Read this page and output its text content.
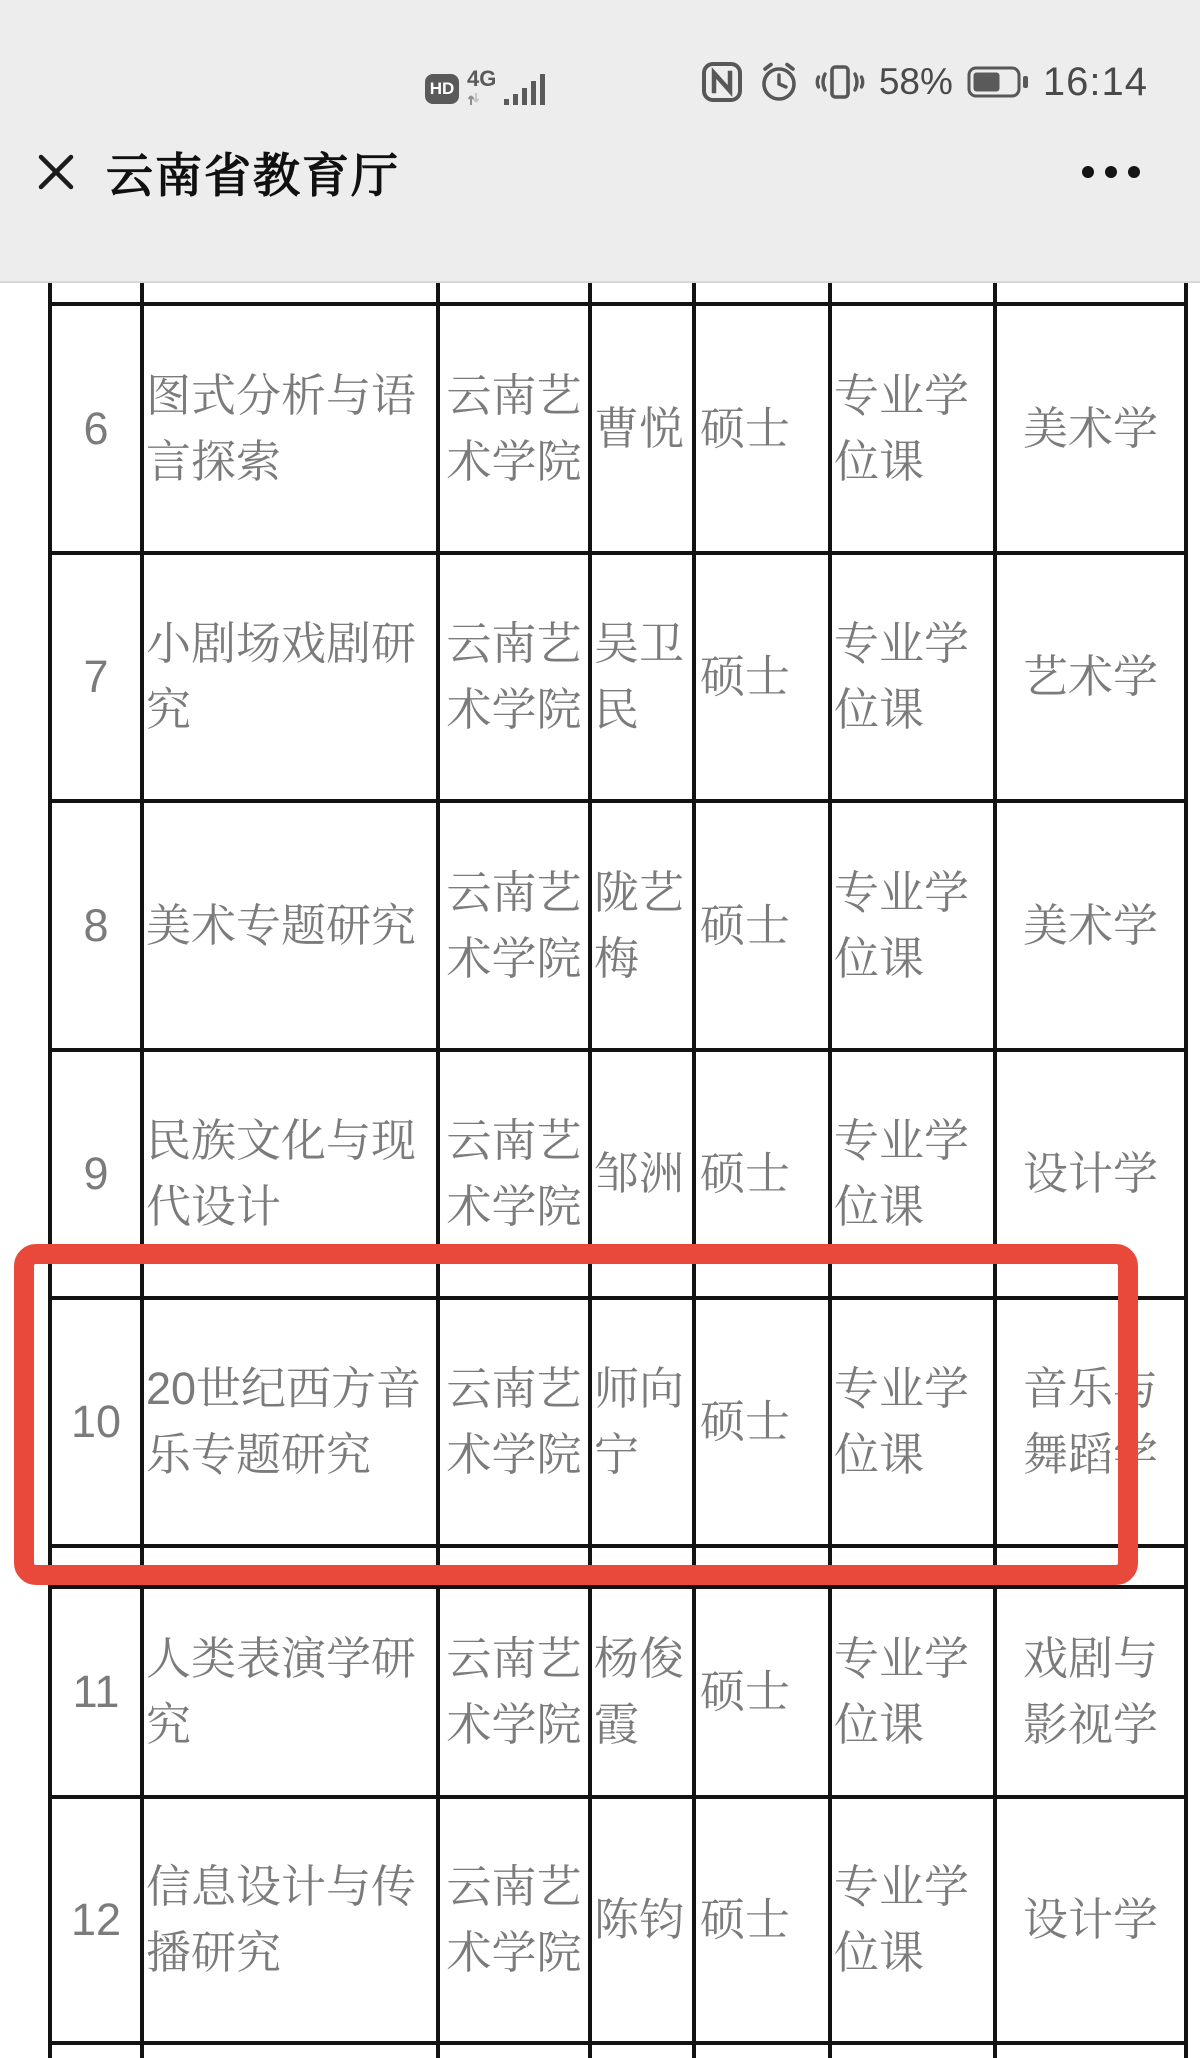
HD 4G	58% 16:14
云南省教育厅
6
图式分析与语言探索
云南艺术学院
曹悦 硕士
专业学位课
美术学
7
小剧场戏剧研究
云南艺术学院
吴卫民
硕士
专业学位课
艺术学
8 美术专题研究
云南艺术学院
陇艺梅
硕士
专业学位课
美术学
9
民族文化与现代设计
云南艺术学院
邹洲 硕士
专业学位课
设计学
10
20世纪西方音乐专题研究
云南艺术学院
师向宁
硕士
专业学位课
音乐与舞蹈学
11
人类表演学研究
云南艺术学院
杨俊霞
硕士
专业学位课
戏剧与影视学
12
信息设计与传播研究
云南艺术学院
陈钧 硕士
专业学位课
设计学
